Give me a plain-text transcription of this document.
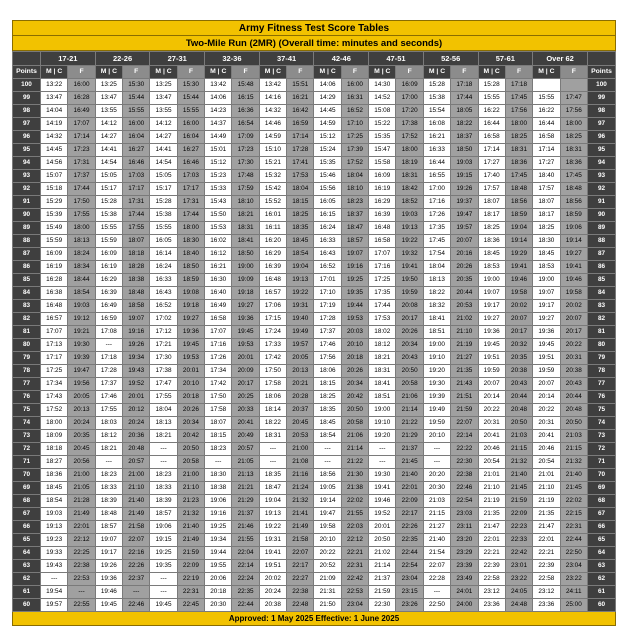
Army Fitness Test Score Tables
Two-Mile Run (2MR) (Overall time: minutes and seconds)
	17-21		22-26		27-31		32-36		37-41		42-46		47-51		52-56		57-61		Over 62		
Points	M | C	F	M | C	F	M | C	F	M | C	F	M | C	F	M | C	F	M | C	F	M | C	F	M | C	F	M | C	F	Points
100	13:22	16:00	13:25	15:30	13:25	15:30	13:42	15:48	13:42	15:51	14:06	16:00	14:30	16:09	15:28	17:18	15:28	17:18			100
99	13:47	16:28	13:47	15:44	13:47	15:44	14:06	16:15	14:16	16:21	14:29	16:31	14:52	17:00	15:38	17:44	15:55	17:45	15:55	17:47	99
98	14:04	16:49	13:55	15:55	13:55	15:55	14:23	16:36	14:32	16:42	14:45	16:52	15:08	17:20	15:54	18:05	16:22	17:56	16:22	17:56	98
97	14:19	17:07	14:12	16:00	14:12	16:00	14:37	16:54	14:46	16:59	14:59	17:10	15:22	17:38	16:08	18:22	16:44	18:00	16:44	18:00	97
96	14:32	17:14	14:27	16:04	14:27	16:04	14:49	17:09	14:59	17:14	15:12	17:25	15:35	17:52	16:21	18:37	16:58	18:25	16:58	18:25	96
95	14:45	17:23	14:41	16:27	14:41	16:27	15:01	17:23	15:10	17:28	15:24	17:39	15:47	18:00	16:33	18:50	17:14	18:31	17:14	18:31	95
94	14:56	17:31	14:54	16:46	14:54	16:46	15:12	17:30	15:21	17:41	15:35	17:52	15:58	18:19	16:44	19:03	17:27	18:36	17:27	18:36	94
93	15:07	17:37	15:05	17:03	15:05	17:03	15:23	17:48	15:32	17:53	15:46	18:04	16:09	18:31	16:55	19:15	17:40	17:45	18:40	17:45	93
92	15:18	17:44	15:17	17:17	15:17	17:17	15:33	17:59	15:42	18:04	15:56	18:10	16:19	18:42	17:00	19:26	17:57	18:48	17:57	18:48	92
91	15:29	17:50	15:28	17:31	15:28	17:31	15:43	18:10	15:52	18:15	16:05	18:23	16:29	18:52	17:16	19:37	18:07	18:56	18:07	18:56	91
90	15:39	17:55	15:38	17:44	15:38	17:44	15:50	18:21	16:01	18:25	16:15	18:37	16:39	19:03	17:26	19:47	18:17	18:59	18:17	18:59	90
89	15:49	18:00	15:55	17:55	15:55	18:00	15:53	18:31	16:11	18:35	16:24	18:47	16:48	19:13	17:35	19:57	18:25	19:04	18:25	19:06	89
88	15:59	18:13	15:59	18:07	16:05	18:30	16:02	18:41	16:20	18:45	16:33	18:57	16:58	19:22	17:45	20:07	18:36	19:14	18:30	19:14	88
87	16:09	18:24	16:09	18:18	16:14	18:40	16:12	18:50	16:29	18:54	16:43	19:07	17:07	19:32	17:54	20:16	18:45	19:29	18:45	19:27	87
86	16:19	18:34	16:19	18:28	16:24	18:50	16:21	19:00	16:39	19:04	16:52	19:16	17:16	19:41	18:04	20:26	18:53	19:41	18:53	19:41	86
85	16:28	18:44	16:29	18:38	16:33	18:59	16:30	19:09	16:48	19:13	17:01	19:25	17:25	19:50	18:13	20:35	19:00	19:46	19:00	19:46	85
84	16:38	18:54	16:39	18:48	16:43	19:08	16:40	19:18	16:57	19:22	17:10	19:35	17:35	19:59	18:22	20:44	19:07	19:58	19:07	19:58	84
83	16:48	19:03	16:49	18:58	16:52	19:18	16:49	19:27	17:06	19:31	17:19	19:44	17:44	20:08	18:32	20:53	19:17	20:02	19:17	20:02	83
82	16:57	19:12	16:59	19:07	17:02	19:27	16:58	19:36	17:15	19:40	17:28	19:53	17:53	20:17	18:41	21:02	19:27	20:07	19:27	20:07	82
81	17:07	19:21	17:08	19:16	17:12	19:36	17:07	19:45	17:24	19:49	17:37	20:03	18:02	20:26	18:51	21:10	19:36	20:17	19:36	20:17	81
80	17:13	19:30	---	19:26	17:21	19:45	17:16	19:53	17:33	19:57	17:46	20:10	18:12	20:34	19:00	21:19	19:45	20:32	19:45	20:22	80
79	17:17	19:39	17:18	19:34	17:30	19:53	17:26	20:01	17:42	20:05	17:56	20:18	18:21	20:43	19:10	21:27	19:51	20:35	19:51	20:31	79
78	17:25	19:47	17:28	19:43	17:38	20:01	17:34	20:09	17:50	20:13	18:06	20:26	18:31	20:50	19:20	21:35	19:59	20:38	19:59	20:38	78
77	17:34	19:56	17:37	19:52	17:47	20:10	17:42	20:17	17:58	20:21	18:15	20:34	18:41	20:58	19:30	21:43	20:07	20:43	20:07	20:43	77
76	17:43	20:05	17:46	20:01	17:55	20:18	17:50	20:25	18:06	20:28	18:25	20:42	18:51	21:06	19:39	21:51	20:14	20:44	20:14	20:44	76
75	17:52	20:13	17:55	20:12	18:04	20:26	17:58	20:33	18:14	20:37	18:35	20:50	19:00	21:14	19:49	21:59	20:22	20:48	20:22	20:48	75
74	18:00	20:24	18:03	20:24	18:13	20:34	18:07	20:41	18:22	20:45	18:45	20:58	19:10	21:22	19:59	22:07	20:31	20:50	20:31	20:50	74
73	18:09	20:35	18:12	20:36	18:21	20:42	18:15	20:49	18:31	20:53	18:54	21:06	19:20	21:29	20:10	22:14	20:41	21:03	20:41	21:03	73
72	18:18	20:45	18:21	20:48	---	20:50	18:23	20:57	---	21:00	---	21:14	---	21:37	---	22:22	20:46	21:15	20:46	21:15	72
71	18:27	20:56	---	20:57	---	20:58	---	21:05	---	21:08	---	21:22	---	21:45	---	22:30	20:54	21:32	20:54	21:32	71
70	18:36	21:00	18:23	21:00	18:23	21:00	18:30	21:13	18:35	21:16	18:56	21:30	19:30	21:40	20:20	22:38	21:01	21:40	21:01	21:40	70
69	18:45	21:05	18:33	21:10	18:33	21:10	18:38	21:21	18:47	21:24	19:05	21:38	19:41	22:01	20:30	22:46	21:10	21:45	21:10	21:45	69
68	18:54	21:28	18:39	21:40	18:39	21:23	19:06	21:29	19:04	21:32	19:14	22:02	19:46	22:09	21:03	22:54	21:19	21:59	21:19	22:02	68
67	19:03	21:49	18:48	21:49	18:57	21:32	19:16	21:37	19:13	21:41	19:47	21:55	19:52	22:17	21:15	23:03	21:35	22:09	21:35	22:15	67
66	19:13	22:01	18:57	21:58	19:06	21:40	19:25	21:46	19:22	21:49	19:58	22:03	20:01	22:26	21:27	23:11	21:47	22:23	21:47	22:31	66
65	19:23	22:12	19:07	22:07	19:15	21:49	19:34	21:55	19:31	21:58	20:10	22:12	20:50	22:35	21:40	23:20	22:01	22:33	22:01	22:44	65
64	19:33	22:25	19:17	22:16	19:25	21:59	19:44	22:04	19:41	22:07	20:22	22:21	21:02	22:44	21:54	23:29	22:21	22:42	22:21	22:50	64
63	19:43	22:38	19:26	22:26	19:35	22:09	19:55	22:14	19:51	22:17	20:52	22:31	21:14	22:54	22:07	23:39	22:39	23:01	22:39	23:04	63
62	---	22:53	19:36	22:37	---	22:19	20:06	22:24	20:02	22:27	21:09	22:42	21:37	23:04	22:28	23:49	22:58	23:22	22:58	23:22	62
61	19:54	---	19:46	---	---	22:31	20:18	22:35	20:24	22:38	21:31	22:53	21:59	23:15	---	24:01	23:12	24:05	23:12	24:11	61
60	19:57	22:55	19:45	22:46	19:45	22:45	20:30	22:44	20:38	22:48	21:50	23:04	22:30	23:26	22:50	24:00	23:36	24:48	23:36	25:00	60
Approved: 1 May 2025 Effective: 1 June 2025
